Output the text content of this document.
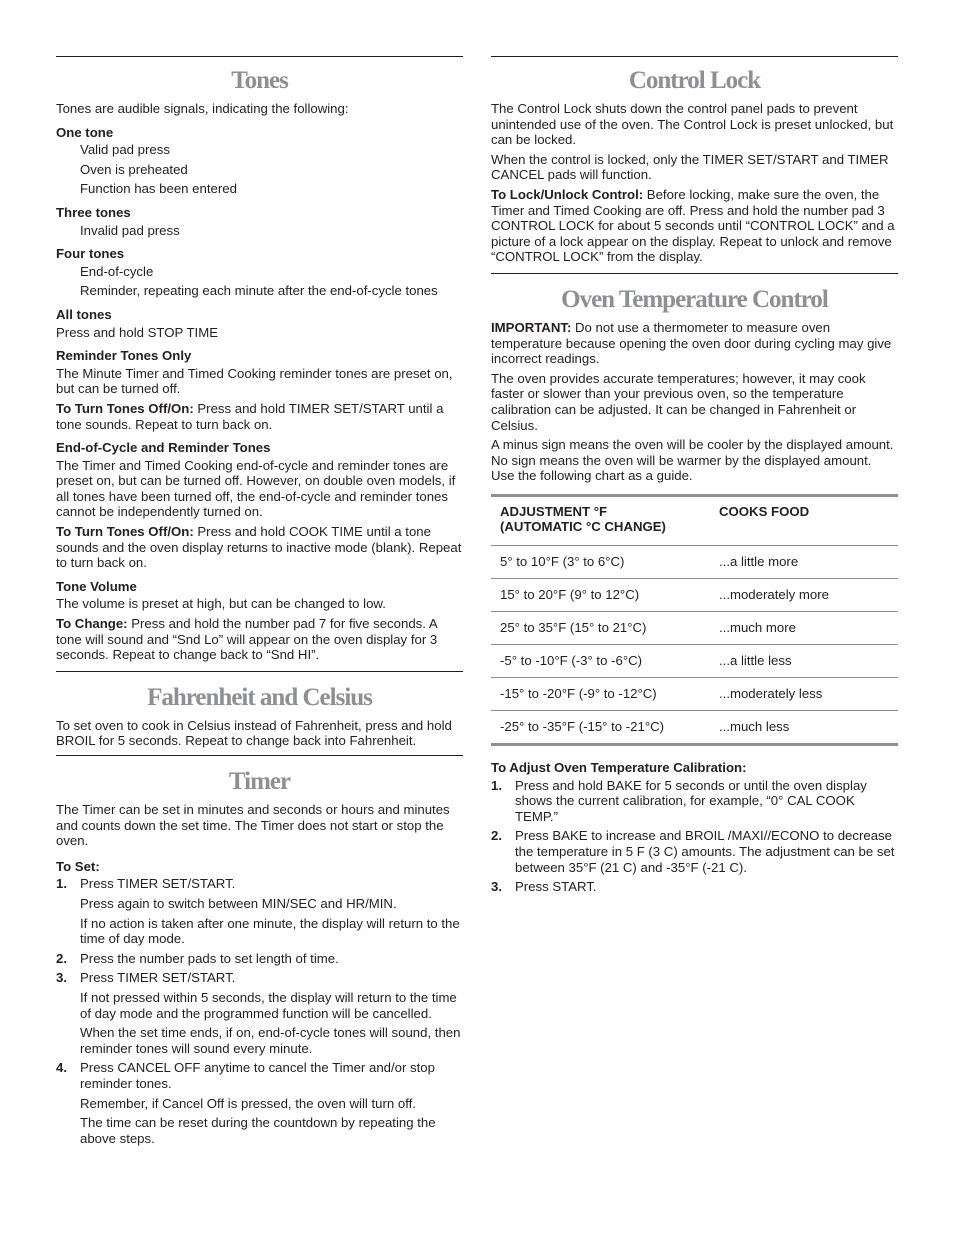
Tones

Tones are audible signals, indicating the following:

One tone

Valid pad press

Oven is preheated

Function has been entered

Three tones

Invalid pad press

Four tones

End-of-cycle

Reminder, repeating each minute after the end-of-cycle tones

All tones

Press and hold STOP TIME

Reminder Tones Only

The Minute Timer and Timed Cooking reminder tones are preset on, but can be turned off.

To Turn Tones Off/On: Press and hold TIMER SET/START until a tone sounds. Repeat to turn back on.

End-of-Cycle and Reminder Tones

The Timer and Timed Cooking end-of-cycle and reminder tones are preset on, but can be turned off. However, on double oven models, if all tones have been turned off, the end-of-cycle and reminder tones cannot be independently turned on.

To Turn Tones Off/On: Press and hold COOK TIME until a tone sounds and the oven display returns to inactive mode (blank). Repeat to turn back on.

Tone Volume

The volume is preset at high, but can be changed to low.

To Change: Press and hold the number pad 7 for five seconds. A tone will sound and “Snd Lo” will appear on the oven display for 3 seconds. Repeat to change back to “Snd HI”.

Fahrenheit and Celsius

To set oven to cook in Celsius instead of Fahrenheit, press and hold BROIL for 5 seconds. Repeat to change back into Fahrenheit.

Timer

The Timer can be set in minutes and seconds or hours and minutes and counts down the set time. The Timer does not start or stop the oven.

To Set:
1. Press TIMER SET/START.

Press again to switch between MIN/SEC and HR/MIN.

If no action is taken after one minute, the display will return to the time of day mode.

2. Press the number pads to set length of time.
3. Press TIMER SET/START.

If not pressed within 5 seconds, the display will return to the time of day mode and the programmed function will be cancelled.

When the set time ends, if on, end-of-cycle tones will sound, then reminder tones will sound every minute.

4. Press CANCEL OFF anytime to cancel the Timer and/or stop reminder tones.

Remember, if Cancel Off is pressed, the oven will turn off.

The time can be reset during the countdown by repeating the above steps.

Control Lock

The Control Lock shuts down the control panel pads to prevent unintended use of the oven. The Control Lock is preset unlocked, but can be locked.

When the control is locked, only the TIMER SET/START and TIMER CANCEL pads will function.

To Lock/Unlock Control: Before locking, make sure the oven, the Timer and Timed Cooking are off. Press and hold the number pad 3 CONTROL LOCK for about 5 seconds until “CONTROL LOCK” and a picture of a lock appear on the display. Repeat to unlock and remove “CONTROL LOCK” from the display.

Oven Temperature Control

IMPORTANT: Do not use a thermometer to measure oven temperature because opening the oven door during cycling may give incorrect readings.

The oven provides accurate temperatures; however, it may cook faster or slower than your previous oven, so the temperature calibration can be adjusted. It can be changed in Fahrenheit or Celsius.

A minus sign means the oven will be cooler by the displayed amount. No sign means the oven will be warmer by the displayed amount. Use the following chart as a guide.

ADJUSTMENT °F
(AUTOMATIC °C CHANGE)	COOKS FOOD
5° to 10°F (3° to 6°C)	...a little more
15° to 20°F (9° to 12°C)	...moderately more
25° to 35°F (15° to 21°C)	...much more
-5° to -10°F (-3° to -6°C)	...a little less
-15° to -20°F (-9° to -12°C)	...moderately less
-25° to -35°F (-15° to -21°C)	...much less
To Adjust Oven Temperature Calibration:
1. Press and hold BAKE for 5 seconds or until the oven display shows the current calibration, for example, “0° CAL COOK TEMP.”
2. Press BAKE to increase and BROIL /MAXI//ECONO to decrease the temperature in 5 F (3 C) amounts. The adjustment can be set between 35°F (21 C) and -35°F (-21 C).
3. Press START.
